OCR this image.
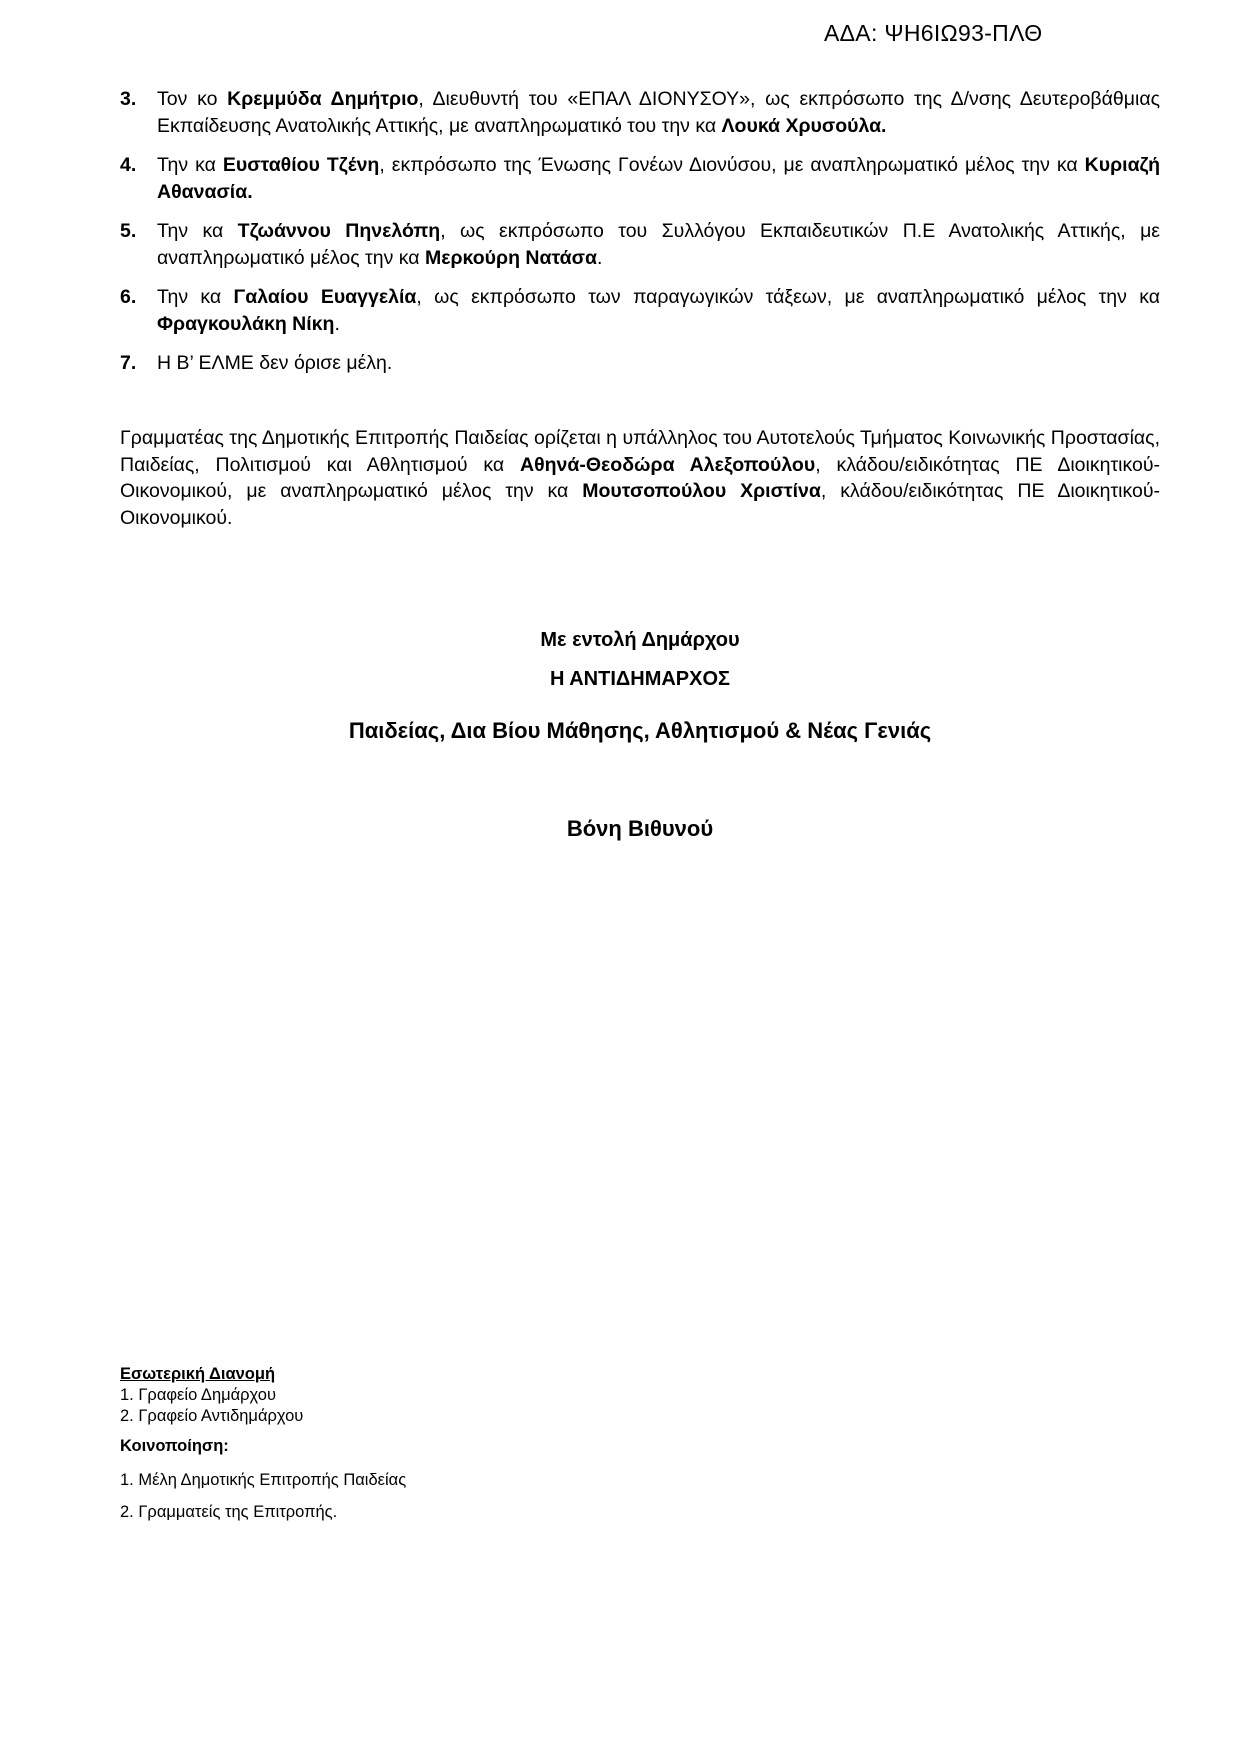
ΑΔΑ: ΨΗ6ΙΩ93-ΠΛΘ
3.	Τον κο Κρεμμύδα Δημήτριο, Διευθυντή του «ΕΠΑΛ ΔΙΟΝΥΣΟΥ», ως εκπρόσωπο της Δ/νσης Δευτεροβάθμιας Εκπαίδευσης Ανατολικής Αττικής, με αναπληρωματικό του την κα Λουκά Χρυσούλα.
4.	Την κα Ευσταθίου Τζένη, εκπρόσωπο της Ένωσης Γονέων Διονύσου, με αναπληρωματικό μέλος την κα Κυριαζή Αθανασία.
5.	Την κα Τζωάννου Πηνελόπη, ως εκπρόσωπο του Συλλόγου Εκπαιδευτικών Π.Ε Ανατολικής Αττικής, με αναπληρωματικό μέλος την κα Μερκούρη Νατάσα.
6.	Την κα Γαλαίου Ευαγγελία, ως εκπρόσωπο των παραγωγικών τάξεων, με αναπληρωματικό μέλος την κα Φραγκουλάκη Νίκη.
7.	Η Β’ ΕΛΜΕ δεν όρισε μέλη.
Γραμματέας της Δημοτικής Επιτροπής Παιδείας ορίζεται η υπάλληλος του Αυτοτελούς Τμήματος Κοινωνικής Προστασίας, Παιδείας, Πολιτισμού και Αθλητισμού κα Αθηνά-Θεοδώρα Αλεξοπούλου, κλάδου/ειδικότητας ΠΕ Διοικητικού-Οικονομικού, με αναπληρωματικό μέλος την κα Μουτσοπούλου Χριστίνα, κλάδου/ειδικότητας ΠΕ Διοικητικού-Οικονομικού.
Με εντολή Δημάρχου
Η ΑΝΤΙΔΗΜΑΡΧΟΣ
Παιδείας, Δια Βίου Μάθησης, Αθλητισμού & Νέας Γενιάς
Βόνη Βιθυνού
Εσωτερική Διανομή
1. Γραφείο Δημάρχου
2. Γραφείο Αντιδημάρχου
Κοινοποίηση:
1. Μέλη Δημοτικής Επιτροπής Παιδείας
2. Γραμματείς της Επιτροπής.
